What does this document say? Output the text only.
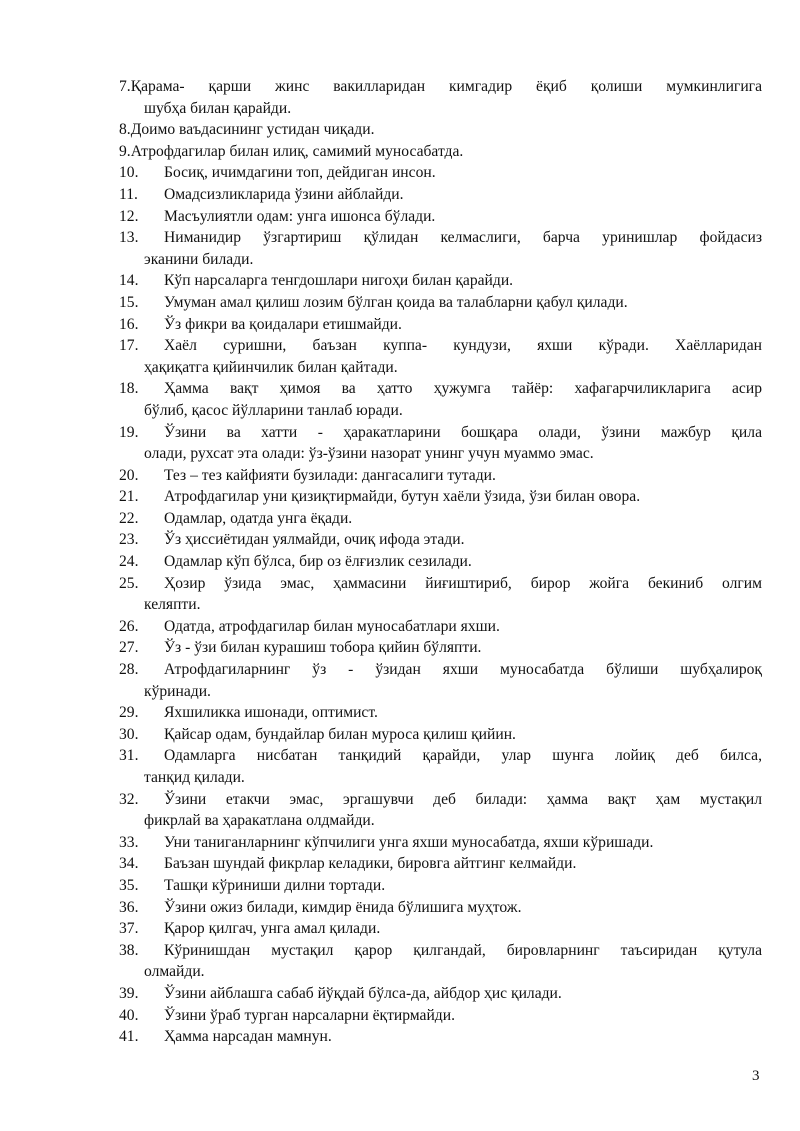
7.Қарама- қарши жинс вакилларидан кимгадир ёқиб қолиши мумкинлигига
шубҳа билан қарайди.
8.Доимо ваъдасининг устидан чиқади.
9.Атрофдагилар билан илиқ, самимий муносабатда.
10. Босиқ, ичимдагини топ, дейдиган инсон.
11. Омадсизликларида ўзини айблайди.
12. Масъулиятли одам: унга ишонса бўлади.
13. Ниманидир ўзгартириш қўлидан келмаслиги, барча уринишлар фойдасиз
эканини билади.
14. Кўп нарсаларга тенгдошлари нигоҳи билан қарайди.
15. Умуман амал қилиш лозим бўлган қоида ва талабларни қабул қилади.
16. Ўз фикри ва қоидалари етишмайди.
17. Хаёл суришни, баъзан куппа- кундузи, яхши кўради. Хаёлларидан
ҳақиқатга қийинчилик билан қайтади.
18. Ҳамма вақт ҳимоя ва ҳатто ҳужумга тайёр: хафагарчиликларига асир
бўлиб, қасос йўлларини танлаб юради.
19. Ўзини ва хатти - ҳаракатларини бошқара олади, ўзини мажбур қила
олади, рухсат эта олади: ўз-ўзини назорат унинг учун муаммо эмас.
20. Тез – тез кайфияти бузилади: дангасалиги тутади.
21. Атрофдагилар уни қизиқтирмайди, бутун хаёли ўзида, ўзи билан овора.
22. Одамлар, одатда унга ёқади.
23. Ўз ҳиссиётидан уялмайди, очиқ ифода этади.
24. Одамлар кўп бўлса, бир оз ёлғизлик сезилади.
25. Ҳозир ўзида эмас, ҳаммасини йиғиштириб, бирор жойга бекиниб олгим
келяпти.
26. Одатда, атрофдагилар билан муносабатлари яхши.
27. Ўз - ўзи билан курашиш тобора қийин бўляпти.
28. Атрофдагиларнинг ўз - ўзидан яхши муносабатда бўлиши шубҳалироқ
кўринади.
29. Яхшиликка ишонади, оптимист.
30. Қайсар одам, бундайлар билан муроса қилиш қийин.
31. Одамларга нисбатан танқидий қарайди, улар шунга лойиқ деб билса,
танқид қилади.
32. Ўзини етакчи эмас, эргашувчи деб билади: ҳамма вақт ҳам мустақил
фикрлай ва ҳаракатлана олдмайди.
33. Уни таниганларнинг кўпчилиги унга яхши муносабатда, яхши кўришади.
34. Баъзан шундай фикрлар келадики, бировга айтгинг келмайди.
35. Ташқи кўриниши дилни тортади.
36. Ўзини ожиз билади, кимдир ёнида бўлишига муҳтож.
37. Қарор қилгач, унга амал қилади.
38. Кўринишдан мустақил қарор қилгандай, бировларнинг таъсиридан қутула
олмайди.
39. Ўзини айблашга сабаб йўқдай бўлса-да, айбдор ҳис қилади.
40. Ўзини ўраб турган нарсаларни ёқтирмайди.
41. Ҳамма нарсадан мамнун.
3
